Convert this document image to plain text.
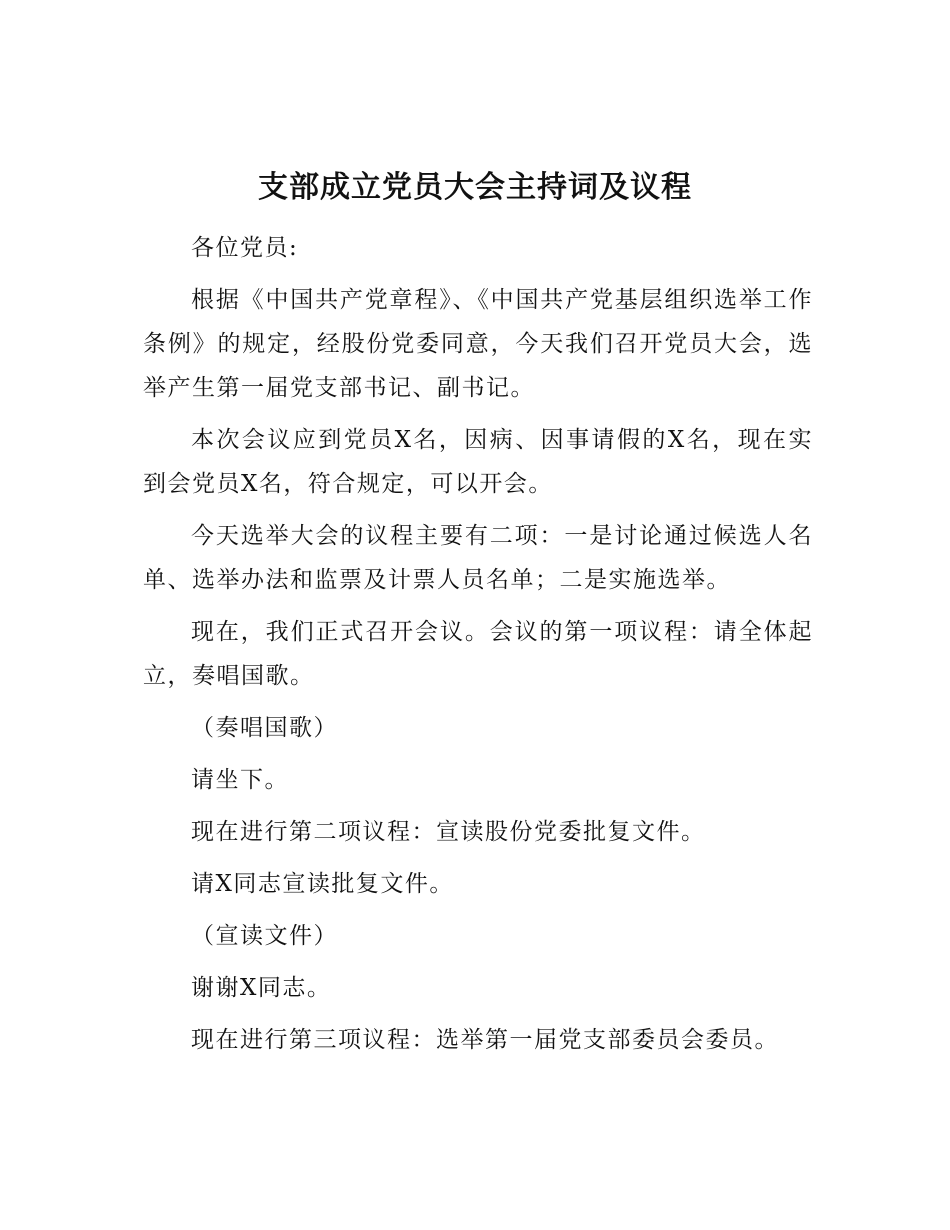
支部成立党员大会主持词及议程

各位党员:

根据《中国共产党章程》、《中国共产党基层组织选举工作条例》的规定，经股份党委同意，今天我们召开党员大会，选举产生第一届党支部书记、副书记。

本次会议应到党员X名，因病、因事请假的X名，现在实到会党员X名，符合规定，可以开会。

今天选举大会的议程主要有二项：一是讨论通过候选人名单、选举办法和监票及计票人员名单；二是实施选举。

现在，我们正式召开会议。会议的第一项议程：请全体起立，奏唱国歌。

（奏唱国歌）

请坐下。

现在进行第二项议程：宣读股份党委批复文件。

请X同志宣读批复文件。

（宣读文件）

谢谢X同志。

现在进行第三项议程：选举第一届党支部委员会委员。
